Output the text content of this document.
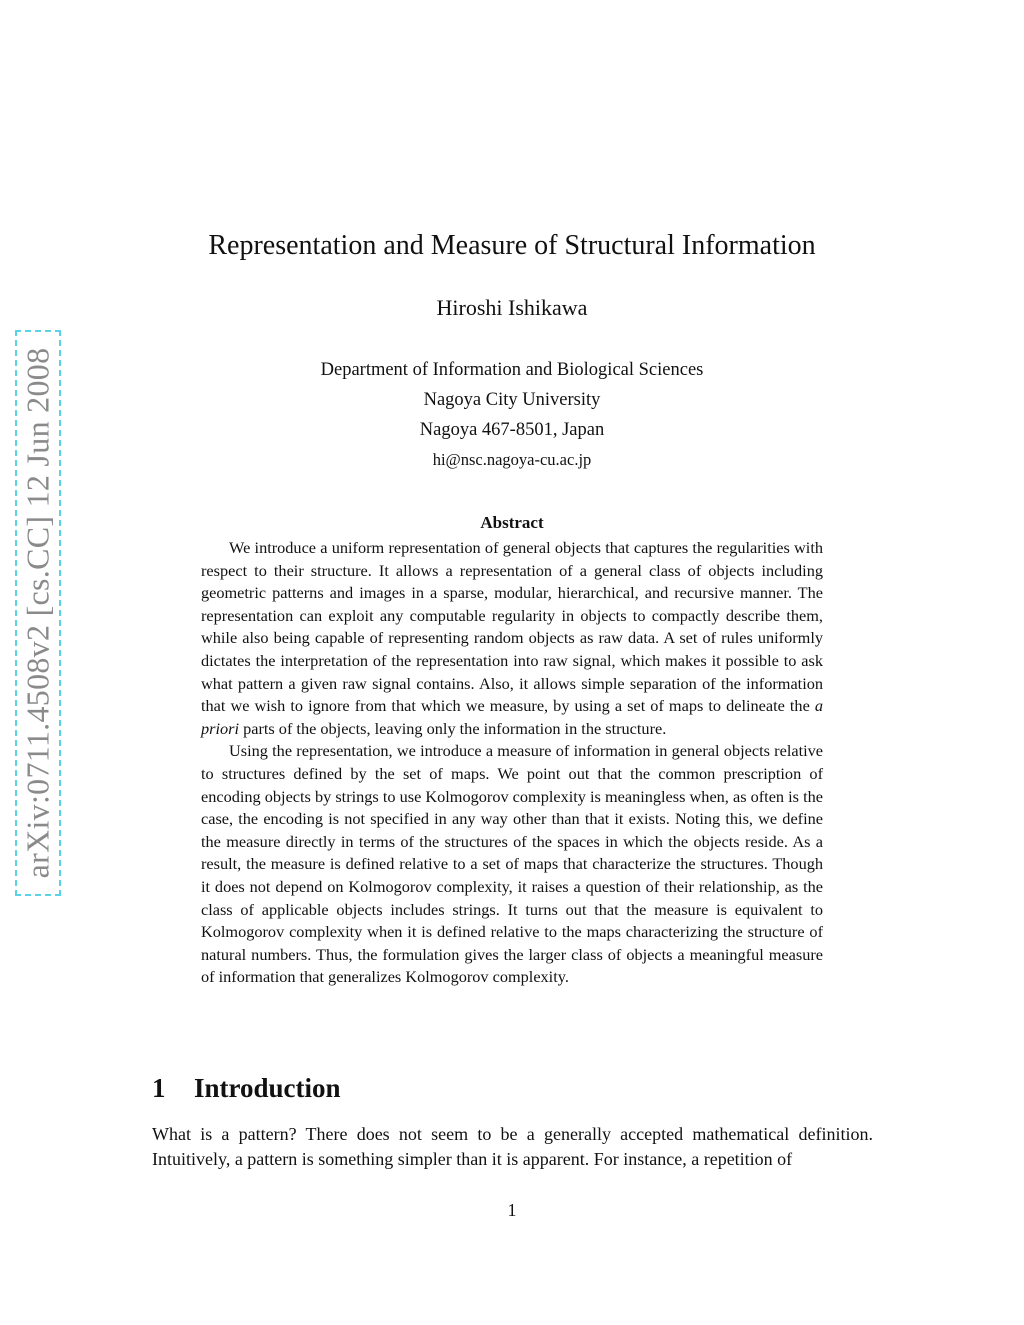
arXiv:0711.4508v2 [cs.CC] 12 Jun 2008
Representation and Measure of Structural Information
Hiroshi Ishikawa
Department of Information and Biological Sciences
Nagoya City University
Nagoya 467-8501, Japan
hi@nsc.nagoya-cu.ac.jp
Abstract

We introduce a uniform representation of general objects that captures the regularities with respect to their structure. It allows a representation of a general class of objects including geometric patterns and images in a sparse, modular, hierarchical, and recursive manner. The representation can exploit any computable regularity in objects to compactly describe them, while also being capable of representing random objects as raw data. A set of rules uniformly dictates the interpretation of the representation into raw signal, which makes it possible to ask what pattern a given raw signal contains. Also, it allows simple separation of the information that we wish to ignore from that which we measure, by using a set of maps to delineate the a priori parts of the objects, leaving only the information in the structure.

Using the representation, we introduce a measure of information in general objects relative to structures defined by the set of maps. We point out that the common prescription of encoding objects by strings to use Kolmogorov complexity is meaningless when, as often is the case, the encoding is not specified in any way other than that it exists. Noting this, we define the measure directly in terms of the structures of the spaces in which the objects reside. As a result, the measure is defined relative to a set of maps that characterize the structures. Though it does not depend on Kolmogorov complexity, it raises a question of their relationship, as the class of applicable objects includes strings. It turns out that the measure is equivalent to Kolmogorov complexity when it is defined relative to the maps characterizing the structure of natural numbers. Thus, the formulation gives the larger class of objects a meaningful measure of information that generalizes Kolmogorov complexity.

1 Introduction

What is a pattern? There does not seem to be a generally accepted mathematical definition. Intuitively, a pattern is something simpler than it is apparent. For instance, a repetition of

1
